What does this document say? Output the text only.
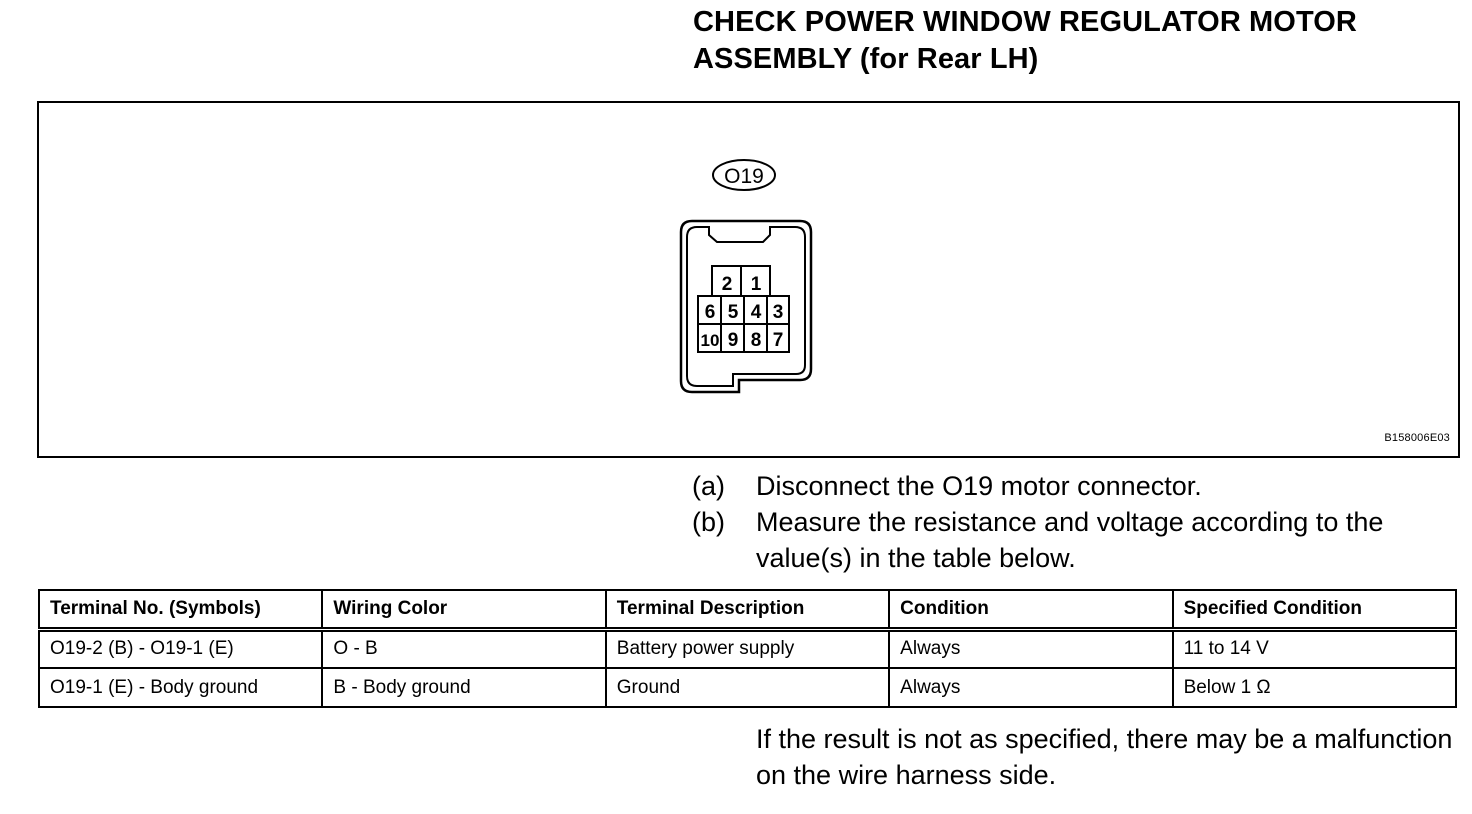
CHECK POWER WINDOW REGULATOR MOTOR
ASSEMBLY (for Rear LH)
O19
2 1
6 5 4 3
10 9 8 7
B158006E03
(a)	Disconnect the O19 motor connector.
(b)	Measure the resistance and voltage according to the value(s) in the table below.
Terminal No. (Symbols)	Wiring Color	Terminal Description	Condition	Specified Condition
O19-2 (B) - O19-1 (E)	O - B	Battery power supply	Always	11 to 14 V
O19-1 (E) - Body ground	B - Body ground	Ground	Always	Below 1 Ω
If the result is not as specified, there may be a malfunction on the wire harness side.
